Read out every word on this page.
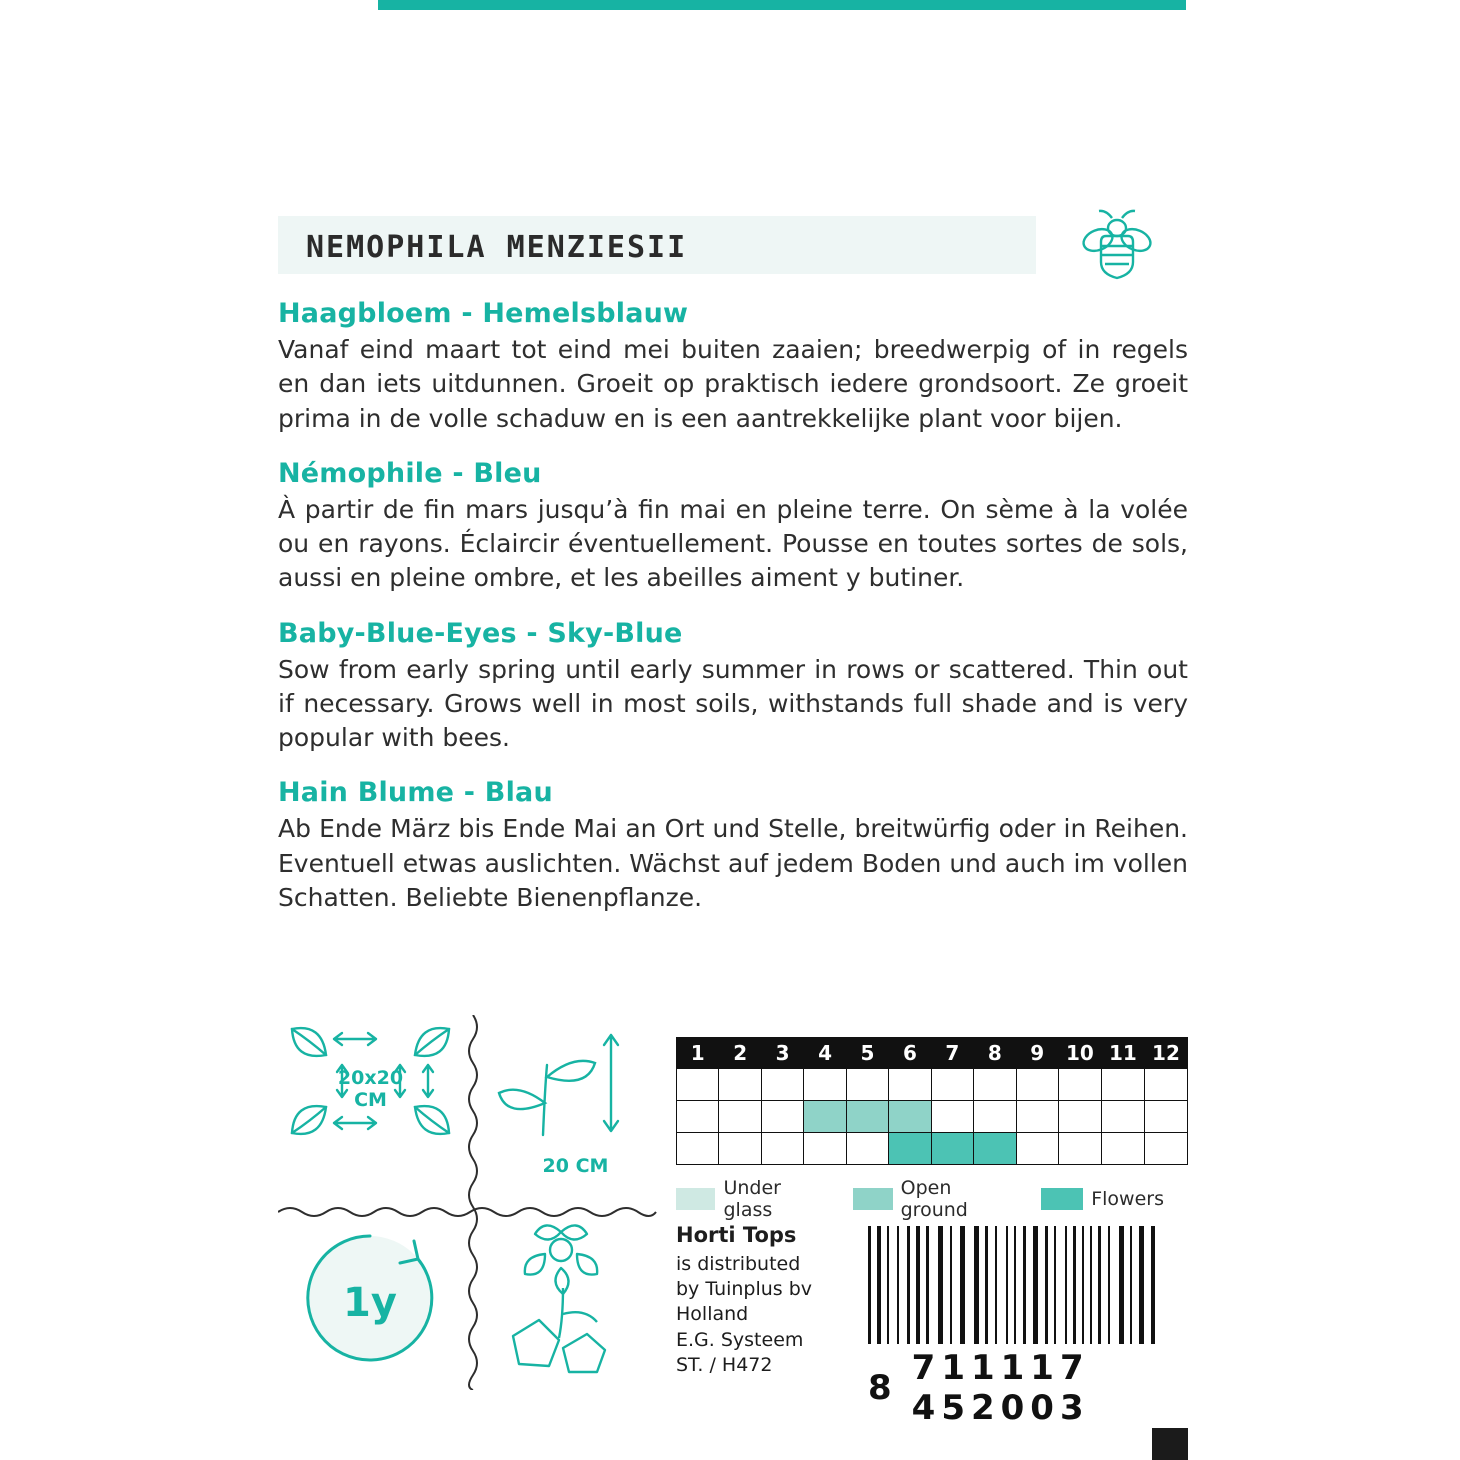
NEMOPHILA MENZIESII
Haagbloem - Hemelsblauw

Vanaf eind maart tot eind mei buiten zaaien; breedwerpig of in regels en dan iets uitdunnen. Groeit op praktisch iedere grondsoort. Ze groeit prima in de volle schaduw en is een aantrekkelijke plant voor bijen.

Némophile - Bleu

À partir de fin mars jusqu’à fin mai en pleine terre. On sème à la volée ou en rayons. Éclaircir éventuellement. Pousse en toutes sortes de sols, aussi en pleine ombre, et les abeilles aiment y butiner.

Baby-Blue-Eyes - Sky-Blue

Sow from early spring until early summer in rows or scattered. Thin out if necessary. Grows well in most soils, withstands full shade and is very popular with bees.

Hain Blume - Blau

Ab Ende März bis Ende Mai an Ort und Stelle, breitwürfig oder in Reihen. Eventuell etwas auslichten. Wächst auf jedem Boden und auch im vollen Schatten. Beliebte Bienenpflanze.

20x20
CM
20 CM
1y
1	2	3	4	5	6	7	8	9	10	11	12

Under glass
Open ground	Flowers
Horti Tops
is distributed
by Tuinplus bv
Holland
E.G. Systeem
ST. / H472
8 711117 452003
